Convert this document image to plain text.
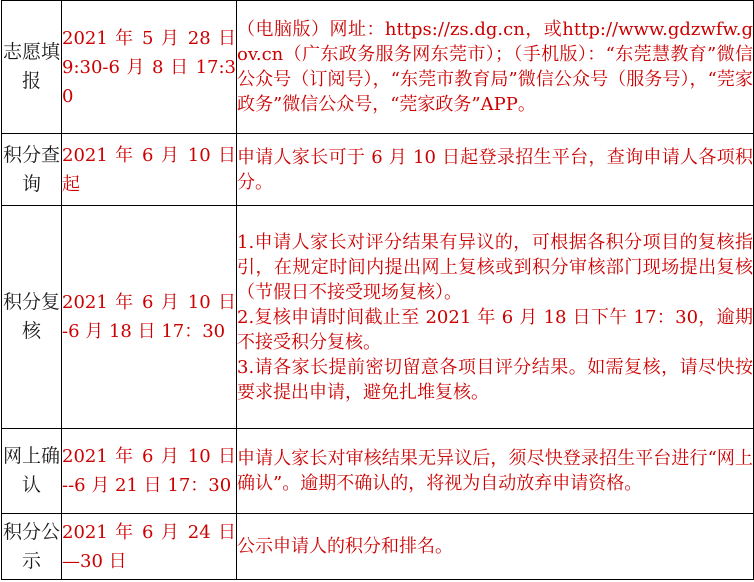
志愿填报	2021 年 5 月 28 日 9:30-6 月 8 日 17:30	（电脑版）网址：https://zs.dg.cn，或http://www.gdzwfw.gov.cn（广东政务服务网东莞市）；（手机版）：“东莞慧教育”微信公众号（订阅号），“东莞市教育局”微信公众号（服务号），“莞家政务”微信公众号，“莞家政务”APP。

积分查询	2021 年 6 月 10 日起	申请人家长可于 6 月 10 日起登录招生平台，查询申请人各项积分。

积分复核	2021 年 6 月 10 日 -6 月 18 日 17：30	1.申请人家长对评分结果有异议的，可根据各积分项目的复核指引，在规定时间内提出网上复核或到积分审核部门现场提出复核（节假日不接受现场复核）。

2.复核申请时间截止至 2021 年 6 月 18 日下午 17：30，逾期不接受积分复核。

3.请各家长提前密切留意各项目评分结果。如需复核，请尽快按要求提出申请，避免扎堆复核。

网上确认	2021 年 6 月 10 日 --6 月 21 日 17：30	申请人家长对审核结果无异议后，须尽快登录招生平台进行“网上确认”。逾期不确认的，将视为自动放弃申请资格。

积分公示	2021 年 6 月 24 日 —30 日	公示申请人的积分和排名。
